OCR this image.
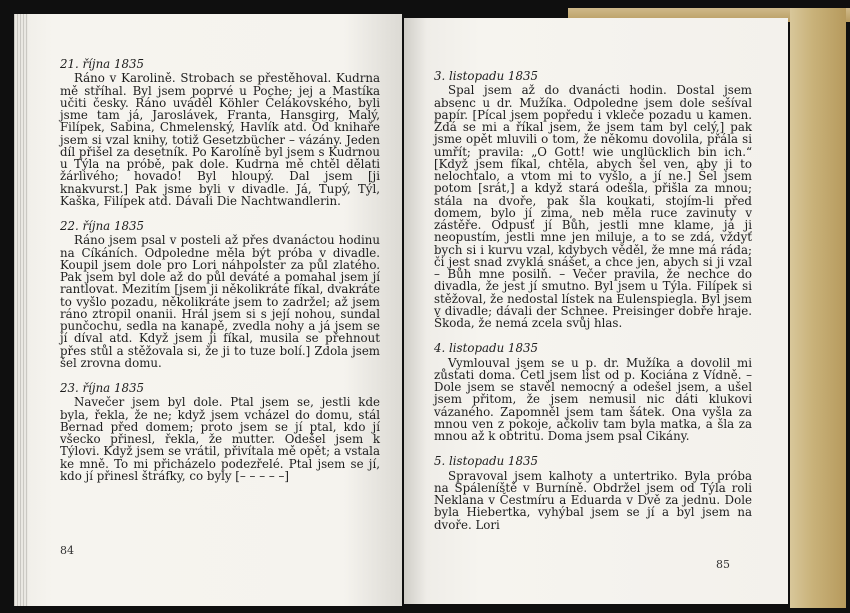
21. října 1835

Ráno v Karolině. Strobach se přestěhoval. Kudrna mě stříhal. Byl jsem poprvé u Poche; jej a Mastíka učiti česky. Ráno uváděl Köhler Čelákovského, byli jsme tam já, Jaroslávek, Franta, Hansgirg, Malý, Filípek, Sabina, Chmelenský, Havlík atd. Od knihaře jsem si vzal knihy, totiž Gesetzbücher – vázány. Jeden díl přišel za desetník. Po Karolíně byl jsem s Kudrnou u Týla na próbě, pak dole. Kudrna mě chtěl dělati žárlivého; hovado! Byl hloupý. Dal jsem [ji knakvurst.] Pak jsme byli v divadle. Já, Tupý, Týl, Kaška, Filípek atd. Dávali Die Nachtwandlerin.

22. října 1835

Ráno jsem psal v posteli až přes dvanáctou hodinu na Cíkáních. Odpoledne měla být próba v divadle. Koupil jsem dole pro Lori náhpolster za půl zlatého. Pak jsem byl dole až do půl deváté a pomahal jsem jí rantlovat. Mezitím [jsem ji několikráte fíkal, dvakráte to vyšlo pozadu, několikráte jsem to zadržel; až jsem ráno ztropil onanii. Hrál jsem si s její nohou, sundal punčochu, sedla na kanapě, zvedla nohy a já jsem se jí díval atd. Když jsem ji fíkal, musila se přehnout přes stůl a stěžovala si, že ji to tuze bolí.] Zdola jsem šel zrovna domu.

23. října 1835

Navečer jsem byl dole. Ptal jsem se, jestli kde byla, řekla, že ne; když jsem vcházel do domu, stál Bernad před domem; proto jsem se jí ptal, kdo jí všecko přinesl, řekla, že mutter. Odešel jsem k Týlovi. Když jsem se vrátil, přivítala mě opět; a vstala ke mně. To mi přicházelo podezřelé. Ptal jsem se jí, kdo jí přinesl štráfky, co byly [– – – – –]

84
3. listopadu 1835

Spal jsem až do dvanácti hodin. Dostal jsem absenc u dr. Mužíka. Odpoledne jsem dole sešíval papír. [Pícal jsem popředu i vkleče pozadu u kamen. Zdá se mi a říkal jsem, že jsem tam byl celý,] pak jsme opět mluvili o tom, že někomu dovolila, přála si umřít; pravila: „O Gott! wie unglücklich bin ich.“ [Když jsem fíkal, chtěla, abych šel ven, aby ji to nelochtalo, a vtom mi to vyšlo, a jí ne.] Šel jsem potom [srát,] a když stará odešla, přišla za mnou; stála na dvoře, pak šla koukati, stojím-li před domem, bylo jí zima, neb měla ruce zavinuty v zástěře. Odpusť jí Bůh, jestli mne klame, já ji neopustím, jestli mne jen miluje, a to se zdá, vždyť bych si i kurvu vzal, kdybych věděl, že mne má ráda; či jest snad zvyklá snášet, a chce jen, abych si ji vzal – Bůh mne posilň. – Večer pravila, že nechce do divadla, že jest jí smutno. Byl jsem u Týla. Filípek si stěžoval, že nedostal lístek na Eulenspiegla. Byl jsem v divadle; dávali der Schnee. Preisinger dobře hraje. Škoda, že nemá zcela svůj hlas.

4. listopadu 1835

Vymlouval jsem se u p. dr. Mužíka a dovolil mi zůstati doma. Četl jsem list od p. Kociána z Vídně. – Dole jsem se stavěl nemocný a odešel jsem, a ušel jsem přitom, že jsem nemusil nic dáti klukovi vázaného. Zapomněl jsem tam šátek. Ona vyšla za mnou ven z pokoje, ačkoliv tam byla matka, a šla za mnou až k obtritu. Doma jsem psal Cikány.

5. listopadu 1835

Spravoval jsem kalhoty a untertriko. Byla próba na Spáleníště v Burníně. Obdržel jsem od Týla roli Neklana v Čestmíru a Eduarda v Dvě za jednu. Dole byla Hiebertka, vyhýbal jsem se jí a byl jsem na dvoře. Lori

85
